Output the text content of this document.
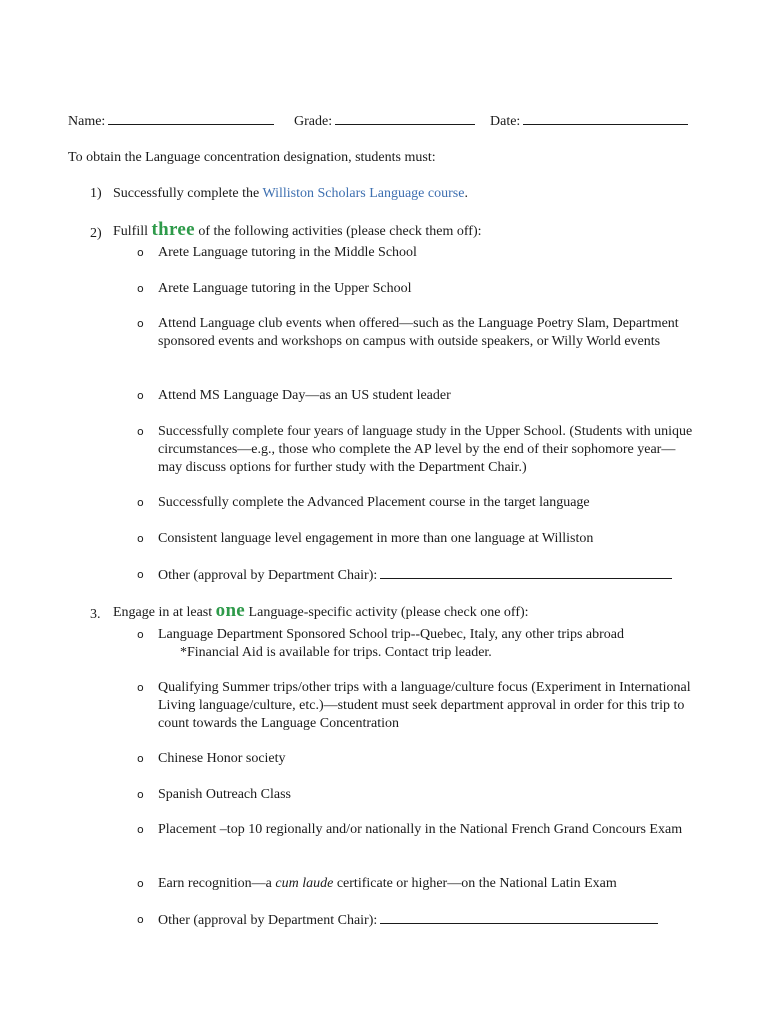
Name:	Grade:	Date:
To obtain the Language concentration designation, students must:
1) Successfully complete the Williston Scholars Language course.
2) Fulfill three of the following activities (please check them off):
o Arete Language tutoring in the Middle School
o Arete Language tutoring in the Upper School
o Attend Language club events when offered—such as the Language Poetry Slam, Department sponsored events and workshops on campus with outside speakers, or Willy World events
o Attend MS Language Day—as an US student leader
o Successfully complete four years of language study in the Upper School. (Students with unique circumstances—e.g., those who complete the AP level by the end of their sophomore year—may discuss options for further study with the Department Chair.)
o Successfully complete the Advanced Placement course in the target language
o Consistent language level engagement in more than one language at Williston
o Other (approval by Department Chair):
3. Engage in at least one Language-specific activity (please check one off):
o Language Department Sponsored School trip--Quebec, Italy, any other trips abroad
*Financial Aid is available for trips. Contact trip leader.
o Qualifying Summer trips/other trips with a language/culture focus (Experiment in International Living language/culture, etc.)—student must seek department approval in order for this trip to count towards the Language Concentration
o Chinese Honor society
o Spanish Outreach Class
o Placement –top 10 regionally and/or nationally in the National French Grand Concours Exam
o Earn recognition—a cum laude certificate or higher—on the National Latin Exam
o Other (approval by Department Chair):
